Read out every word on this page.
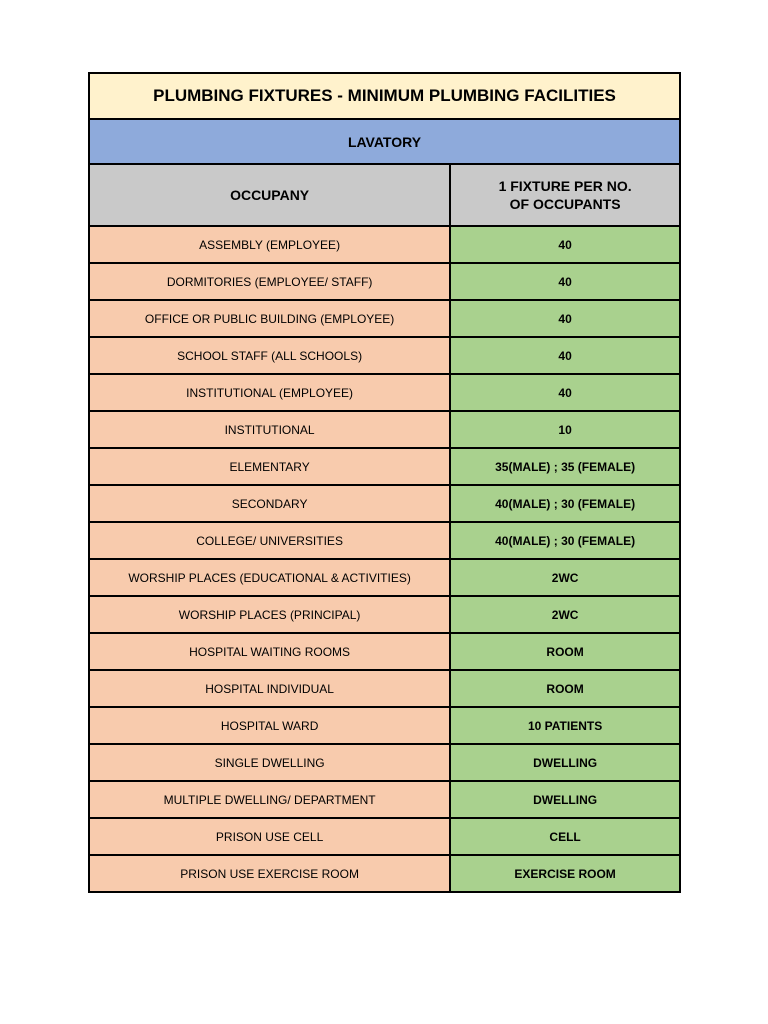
PLUMBING FIXTURES - MINIMUM PLUMBING FACILITIES	
LAVATORY	
OCCUPANY	1 FIXTURE PER NO.
OF OCCUPANTS
ASSEMBLY (EMPLOYEE)	40
DORMITORIES (EMPLOYEE/ STAFF)	40
OFFICE OR PUBLIC BUILDING (EMPLOYEE)	40
SCHOOL STAFF (ALL SCHOOLS)	40
INSTITUTIONAL (EMPLOYEE)	40
INSTITUTIONAL	10
ELEMENTARY	35(MALE) ; 35 (FEMALE)
SECONDARY	40(MALE) ; 30 (FEMALE)
COLLEGE/ UNIVERSITIES	40(MALE) ; 30 (FEMALE)
WORSHIP PLACES (EDUCATIONAL & ACTIVITIES)	2WC
WORSHIP PLACES (PRINCIPAL)	2WC
HOSPITAL WAITING ROOMS	ROOM
HOSPITAL INDIVIDUAL	ROOM
HOSPITAL WARD	10 PATIENTS
SINGLE DWELLING	DWELLING
MULTIPLE DWELLING/ DEPARTMENT	DWELLING
PRISON USE CELL	CELL
PRISON USE EXERCISE ROOM	EXERCISE ROOM
